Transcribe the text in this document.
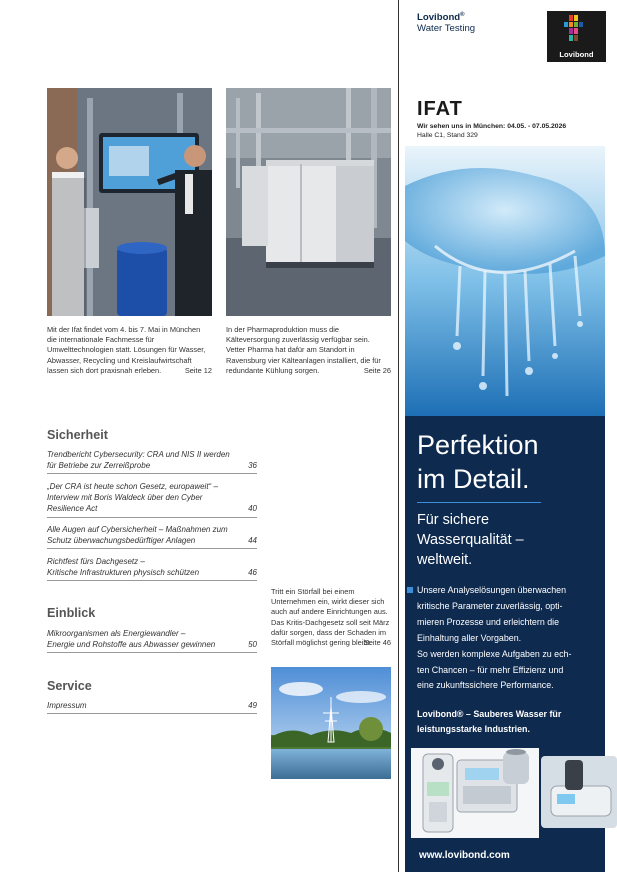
Mit der Ifat findet vom 4. bis 7. Mai in München die internationale Fachmesse für Umwelttechnologien statt. Lösungen für Wasser, Abwasser, Recycling und Kreislaufwirtschaft lassen sich dort praxisnah erleben.	Seite 12
In der Pharmaproduktion muss die Kälteversorgung zuverlässig verfügbar sein. Vetter Pharma hat dafür am Standort in Ravensburg vier Kälteanlagen installiert, die für redundante Kühlung sorgen.	Seite 26
Sicherheit
Trendbericht Cybersecurity: CRA und NIS II werden
für Betriebe zur Zerreißprobe	36
„Der CRA ist heute schon Gesetz, europaweit“ –
Interview mit Boris Waldeck über den Cyber
Resilience Act	40
Alle Augen auf Cybersicherheit – Maßnahmen zum
Schutz überwachungsbedürftiger Anlagen	44
Richtfest fürs Dachgesetz –
Kritische Infrastrukturen physisch schützen	46
Einblick
Mikroorganismen als Energiewandler –
Energie und Rohstoffe aus Abwasser gewinnen	50
Service
Impressum	49
Tritt ein Störfall bei einem Unternehmen ein, wirkt dieser sich auch auf andere Einrichtungen aus. Das Kritis-Dachgesetz soll seit März dafür sorgen, dass der Schaden im Störfall möglichst gering bleibt.
Seite 46
Lovibond®
Water Testing
Lovibond
IFAT
Wir sehen uns in München: 04.05. - 07.05.2026
Halle C1, Stand 329
Perfektion
im Detail.
Für sichere
Wasserqualität –
weltweit.
Unsere Analyselösungen überwachen
kritische Parameter zuverlässig, opti-
mieren Prozesse und erleichtern die
Einhaltung aller Vorgaben.
So werden komplexe Aufgaben zu ech-
ten Chancen – für mehr Effizienz und
eine zukunftssichere Performance.
Lovibond® – Sauberes Wasser für
leistungsstarke Industrien.
www.lovibond.com
